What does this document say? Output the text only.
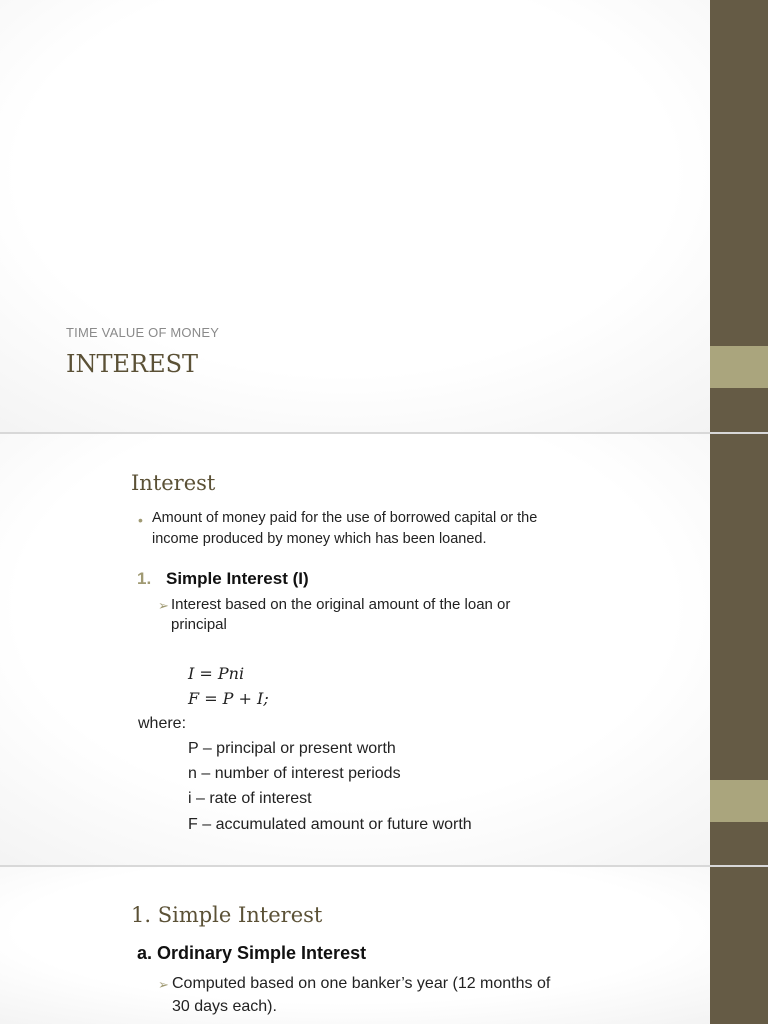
TIME VALUE OF MONEY
INTEREST
Interest
• Amount of money paid for the use of borrowed capital or the
income produced by money which has been loaned.
1. Simple Interest (I)
➢ Interest based on the original amount of the loan or
principal
I = Pni
F = P + I;
where:
P – principal or present worth
n – number of interest periods
i – rate of interest
F – accumulated amount or future worth
1. Simple Interest
a. Ordinary Simple Interest
➢ Computed based on one banker’s year (12 months of
30 days each).
